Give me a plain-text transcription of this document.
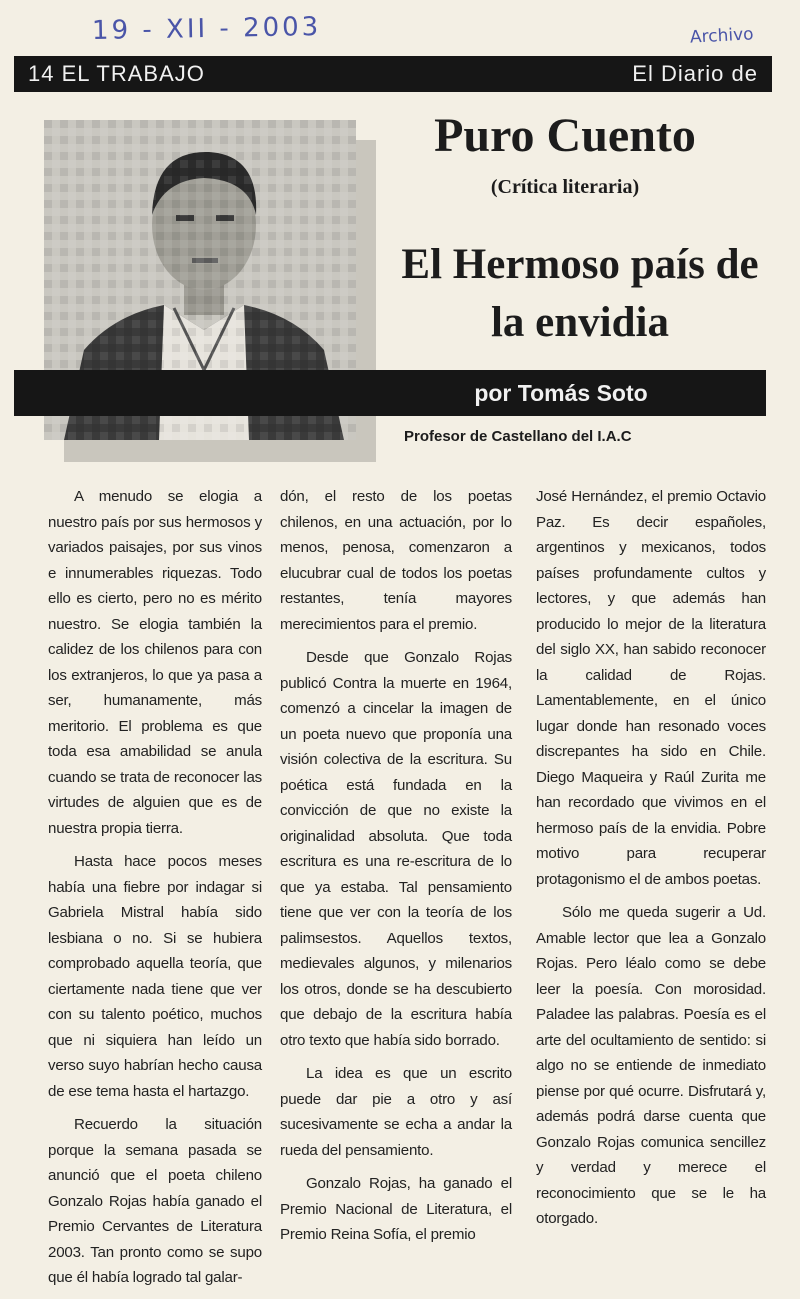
19 - XII - 2003	Archivo
14 EL TRABAJO	El Diario de
Puro Cuento
(Crítica literaria)
El Hermoso país de la envidia
por Tomás Soto
Profesor de Castellano del I.A.C

A menudo se elogia a nuestro país por sus hermosos y variados paisajes, por sus vinos e innumerables riquezas. Todo ello es cierto, pero no es mérito nuestro. Se elogia también la calidez de los chilenos para con los extranjeros, lo que ya pasa a ser, humanamente, más meritorio. El problema es que toda esa amabilidad se anula cuando se trata de reconocer las virtudes de alguien que es de nuestra propia tierra.

Hasta hace pocos meses había una fiebre por indagar si Gabriela Mistral había sido lesbiana o no. Si se hubiera comprobado aquella teoría, que ciertamente nada tiene que ver con su talento poético, muchos que ni siquiera han leído un verso suyo habrían hecho causa de ese tema hasta el hartazgo.

Recuerdo la situación porque la semana pasada se anunció que el poeta chileno Gonzalo Rojas había ganado el Premio Cervantes de Literatura 2003. Tan pronto como se supo que él había logrado tal galar-

dón, el resto de los poetas chilenos, en una actuación, por lo menos, penosa, comenzaron a elucubrar cual de todos los poetas restantes, tenía mayores merecimientos para el premio.

Desde que Gonzalo Rojas publicó Contra la muerte en 1964, comenzó a cincelar la imagen de un poeta nuevo que proponía una visión colectiva de la escritura. Su poética está fundada en la convicción de que no existe la originalidad absoluta. Que toda escritura es una re-escritura de lo que ya estaba. Tal pensamiento tiene que ver con la teoría de los palimsestos. Aquellos textos, medievales algunos, y milenarios los otros, donde se ha descubierto que debajo de la escritura había otro texto que había sido borrado.

La idea es que un escrito puede dar pie a otro y así sucesivamente se echa a andar la rueda del pensamiento.

Gonzalo Rojas, ha ganado el Premio Nacional de Literatura, el Premio Reina Sofía, el premio

José Hernández, el premio Octavio Paz. Es decir españoles, argentinos y mexicanos, todos países profundamente cultos y lectores, y que además han producido lo mejor de la literatura del siglo XX, han sabido reconocer la calidad de Rojas. Lamentablemente, en el único lugar donde han resonado voces discrepantes ha sido en Chile. Diego Maqueira y Raúl Zurita me han recordado que vivimos en el hermoso país de la envidia. Pobre motivo para recuperar protagonismo el de ambos poetas.

Sólo me queda sugerir a Ud. Amable lector que lea a Gonzalo Rojas. Pero léalo como se debe leer la poesía. Con morosidad. Paladee las palabras. Poesía es el arte del ocultamiento de sentido: si algo no se entiende de inmediato piense por qué ocurre. Disfrutará y, además podrá darse cuenta que Gonzalo Rojas comunica sencillez y verdad y merece el reconocimiento que se le ha otorgado.
